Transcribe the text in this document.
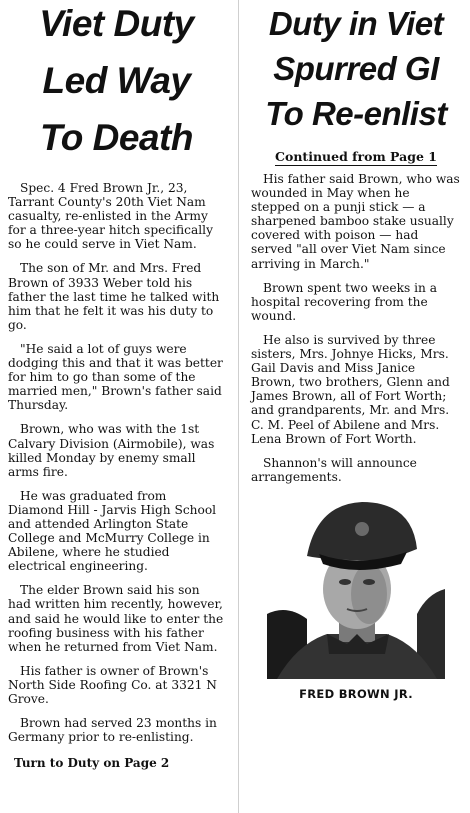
Viet Duty
Led Way
To Death

Spec. 4 Fred Brown Jr., 23, Tarrant County's 20th Viet Nam casualty, re-enlisted in the Army for a three-year hitch specifically so he could serve in Viet Nam.

The son of Mr. and Mrs. Fred Brown of 3933 Weber told his father the last time he talked with him that he felt it was his duty to go.

"He said a lot of guys were dodging this and that it was better for him to go than some of the married men," Brown's father said Thursday.

Brown, who was with the 1st Calvary Division (Airmobile), was killed Monday by enemy small arms fire.

He was graduated from Diamond Hill - Jarvis High School and attended Arlington State College and McMurry College in Abilene, where he studied electrical engineering.

The elder Brown said his son had written him recently, however, and said he would like to enter the roofing business with his father when he returned from Viet Nam.

His father is owner of Brown's North Side Roofing Co. at 3321 N Grove.

Brown had served 23 months in Germany prior to re-enlisting.

Turn to Duty on Page 2

Duty in Viet
Spurred GI
To Re-enlist
Continued from Page 1

His father said Brown, who was wounded in May when he stepped on a punji stick — a sharpened bamboo stake usually covered with poison — had served "all over Viet Nam since arriving in March."

Brown spent two weeks in a hospital recovering from the wound.

He also is survived by three sisters, Mrs. Johnye Hicks, Mrs. Gail Davis and Miss Janice Brown, two brothers, Glenn and James Brown, all of Fort Worth; and grandparents, Mr. and Mrs. C. M. Peel of Abilene and Mrs. Lena Brown of Fort Worth.

Shannon's will announce arrangements.

FRED BROWN JR.
